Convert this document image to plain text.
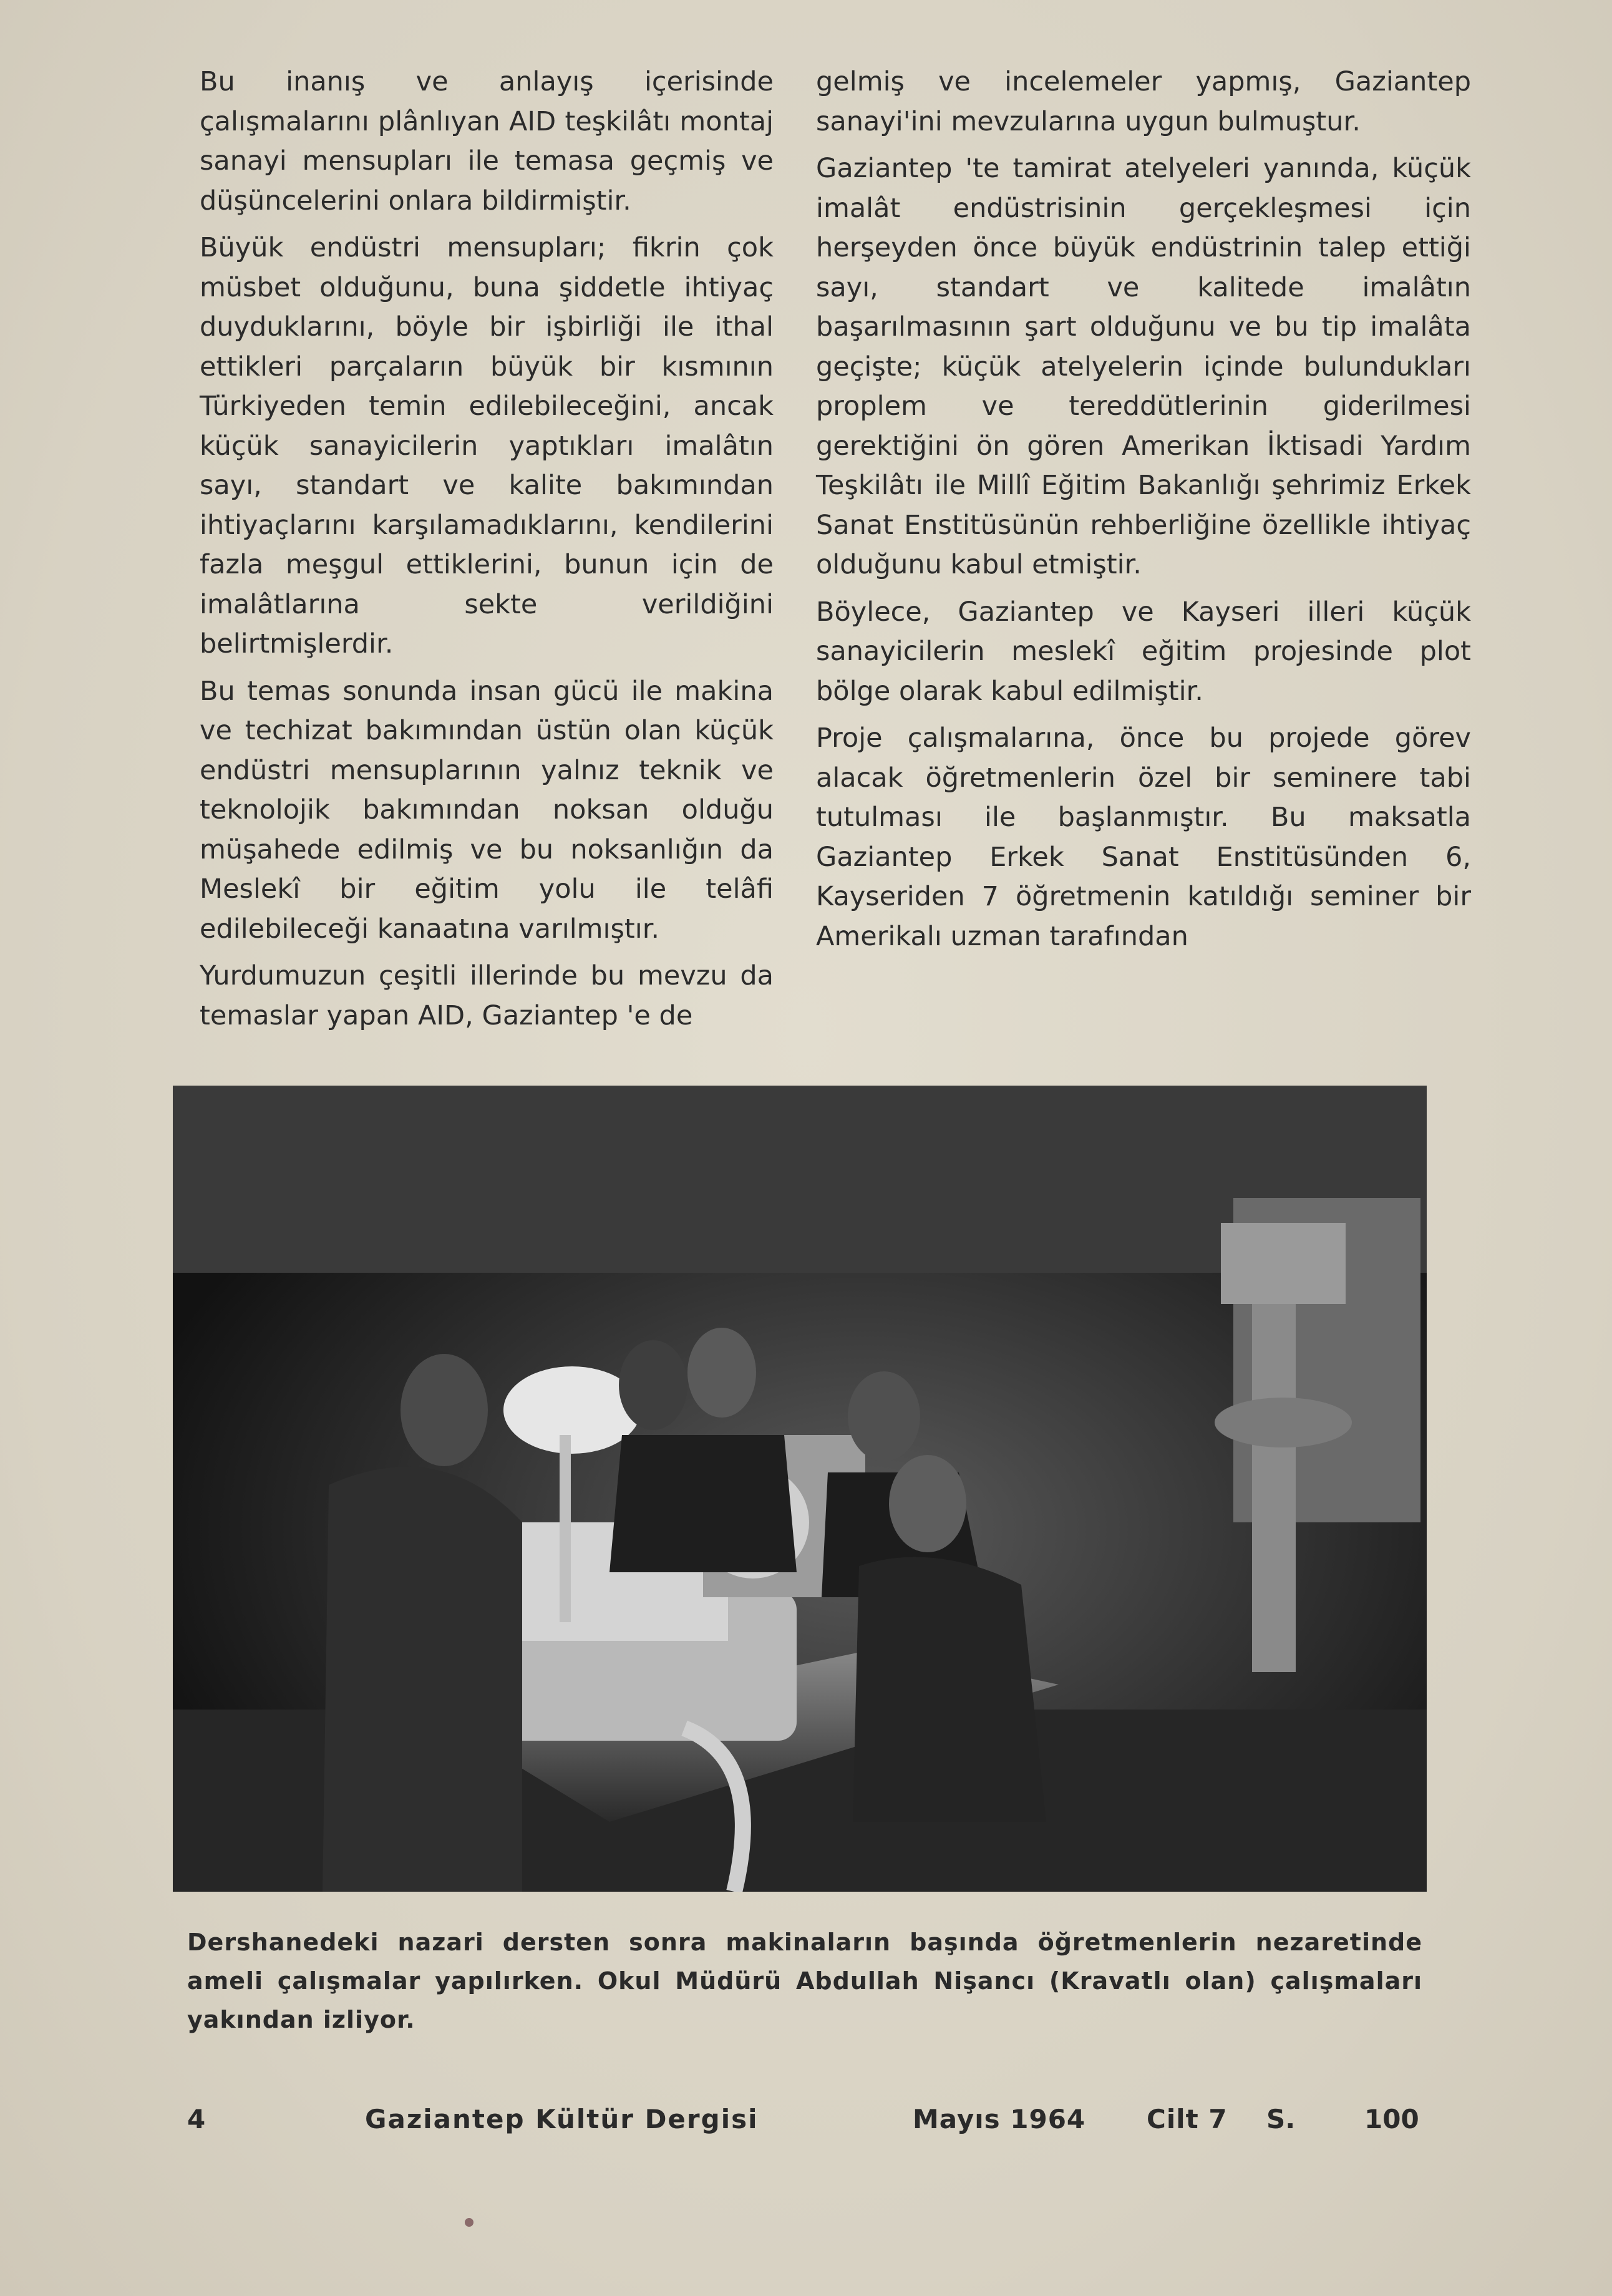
Bu inanış ve anlayış içerisinde çalışmalarını plânlıyan AID teşkilâtı montaj sanayi mensupları ile temasa geçmiş ve düşüncelerini onlara bildirmiştir.

Büyük endüstri mensupları; fikrin çok müsbet olduğunu, buna şiddetle ihtiyaç duyduklarını, böyle bir işbirliği ile ithal ettikleri parçaların büyük bir kısmının Türkiyeden temin edilebileceğini, ancak küçük sanayicilerin yaptıkları imalâtın sayı, standart ve kalite bakımından ihtiyaçlarını karşılamadıklarını, kendilerini fazla meşgul ettiklerini, bunun için de imalâtlarına sekte verildiğini belirtmişlerdir.

Bu temas sonunda insan gücü ile makina ve techizat bakımından üstün olan küçük endüstri mensuplarının yalnız teknik ve teknolojik bakımından noksan olduğu müşahede edilmiş ve bu noksanlığın da Meslekî bir eğitim yolu ile telâfi edilebileceği kanaatına varılmıştır.

Yurdumuzun çeşitli illerinde bu mevzu da temaslar yapan AID, Gaziantep 'e de

gelmiş ve incelemeler yapmış, Gaziantep sanayi'ini mevzularına uygun bulmuştur.

Gaziantep 'te tamirat atelyeleri yanında, küçük imalât endüstrisinin gerçekleşmesi için herşeyden önce büyük endüstrinin talep ettiği sayı, standart ve kalitede imalâtın başarılmasının şart olduğunu ve bu tip imalâta geçişte; küçük atelyelerin içinde bulundukları proplem ve tereddütlerinin giderilmesi gerektiğini ön gören Amerikan İktisadi Yardım Teşkilâtı ile Millî Eğitim Bakanlığı şehrimiz Erkek Sanat Enstitüsünün rehberliğine özellikle ihtiyaç olduğunu kabul etmiştir.

Böylece, Gaziantep ve Kayseri illeri küçük sanayicilerin meslekî eğitim projesinde plot bölge olarak kabul edilmiştir.

Proje çalışmalarına, önce bu projede görev alacak öğretmenlerin özel bir seminere tabi tutulması ile başlanmıştır. Bu maksatla Gaziantep Erkek Sanat Enstitüsünden 6, Kayseriden 7 öğretmenin katıldığı seminer bir Amerikalı uzman tarafından

Dershanedeki nazari dersten sonra makinaların başında öğretmenlerin nezaretinde ameli çalışmalar yapılırken. Okul Müdürü Abdullah Nişancı (Kravatlı olan) çalışmaları yakından izliyor.
4	Gaziantep Kültür Dergisi	Mayıs 1964 Cilt 7 S.	100
